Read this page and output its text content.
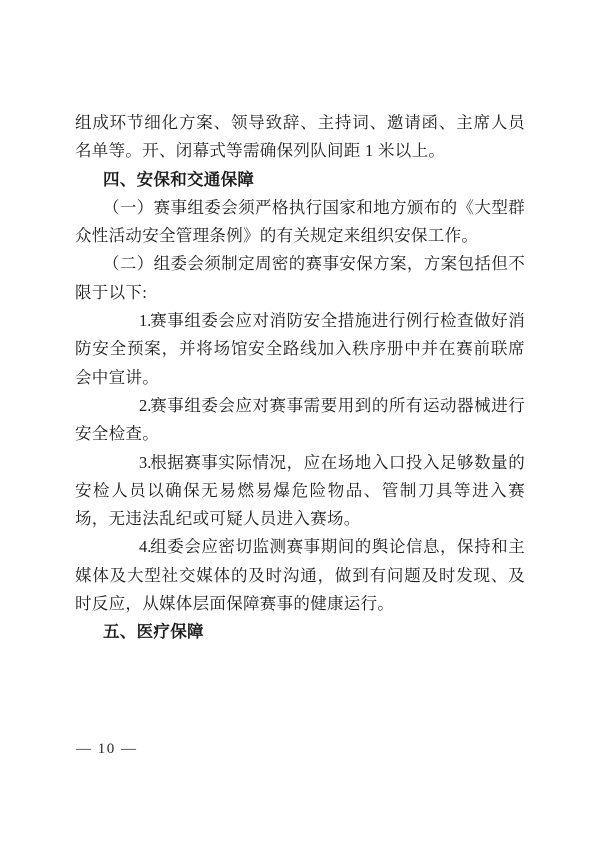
组成环节细化方案、领导致辞、主持词、邀请函、主席人员名单等。开、闭幕式等需确保列队间距 1 米以上。

四、安保和交通保障

（一）赛事组委会须严格执行国家和地方颁布的《大型群众性活动安全管理条例》的有关规定来组织安保工作。

（二）组委会须制定周密的赛事安保方案，方案包括但不限于以下:

1.赛事组委会应对消防安全措施进行例行检查做好消防安全预案，并将场馆安全路线加入秩序册中并在赛前联席会中宣讲。

2.赛事组委会应对赛事需要用到的所有运动器械进行安全检查。

3.根据赛事实际情况，应在场地入口投入足够数量的安检人员以确保无易燃易爆危险物品、管制刀具等进入赛场，无违法乱纪或可疑人员进入赛场。

4.组委会应密切监测赛事期间的舆论信息，保持和主媒体及大型社交媒体的及时沟通，做到有问题及时发现、及时反应，从媒体层面保障赛事的健康运行。

五、医疗保障

— 10 —
